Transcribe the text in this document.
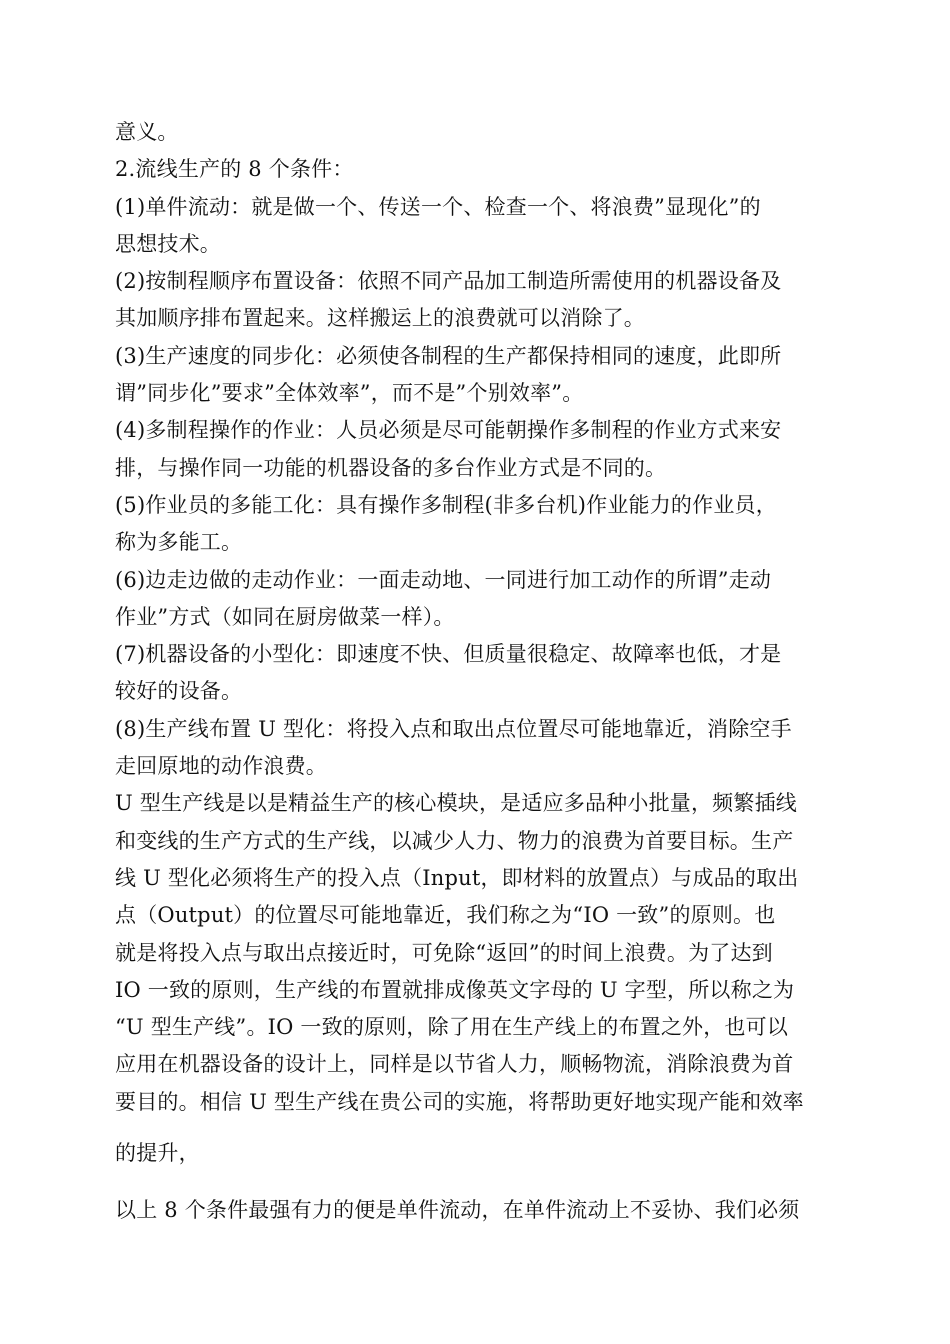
意义。
2.流线生产的 8 个条件：
(1)单件流动：就是做一个、传送一个、检查一个、将浪费”显现化”的
思想技术。
(2)按制程顺序布置设备：依照不同产品加工制造所需使用的机器设备及
其加顺序排布置起来。这样搬运上的浪费就可以消除了。
(3)生产速度的同步化：必须使各制程的生产都保持相同的速度，此即所
谓”同步化”要求”全体效率”，而不是”个别效率”。
(4)多制程操作的作业：人员必须是尽可能朝操作多制程的作业方式来安
排，与操作同一功能的机器设备的多台作业方式是不同的。
(5)作业员的多能工化：具有操作多制程(非多台机)作业能力的作业员，
称为多能工。
(6)边走边做的走动作业：一面走动地、一同进行加工动作的所谓”走动
作业”方式（如同在厨房做菜一样）。
(7)机器设备的小型化：即速度不快、但质量很稳定、故障率也低，才是
较好的设备。
(8)生产线布置 U 型化：将投入点和取出点位置尽可能地靠近，消除空手
走回原地的动作浪费。
U 型生产线是以是精益生产的核心模块，是适应多品种小批量，频繁插线
和变线的生产方式的生产线，以减少人力、物力的浪费为首要目标。生产
线 U 型化必须将生产的投入点（Input，即材料的放置点）与成品的取出
点（Output）的位置尽可能地靠近，我们称之为“IO 一致”的原则。也
就是将投入点与取出点接近时，可免除“返回”的时间上浪费。为了达到
IO 一致的原则，生产线的布置就排成像英文字母的 U 字型，所以称之为
“U 型生产线”。IO 一致的原则，除了用在生产线上的布置之外，也可以
应用在机器设备的设计上，同样是以节省人力，顺畅物流，消除浪费为首
要目的。相信 U 型生产线在贵公司的实施，将帮助更好地实现产能和效率
的提升，
以上 8 个条件最强有力的便是单件流动，在单件流动上不妥协、我们必须
